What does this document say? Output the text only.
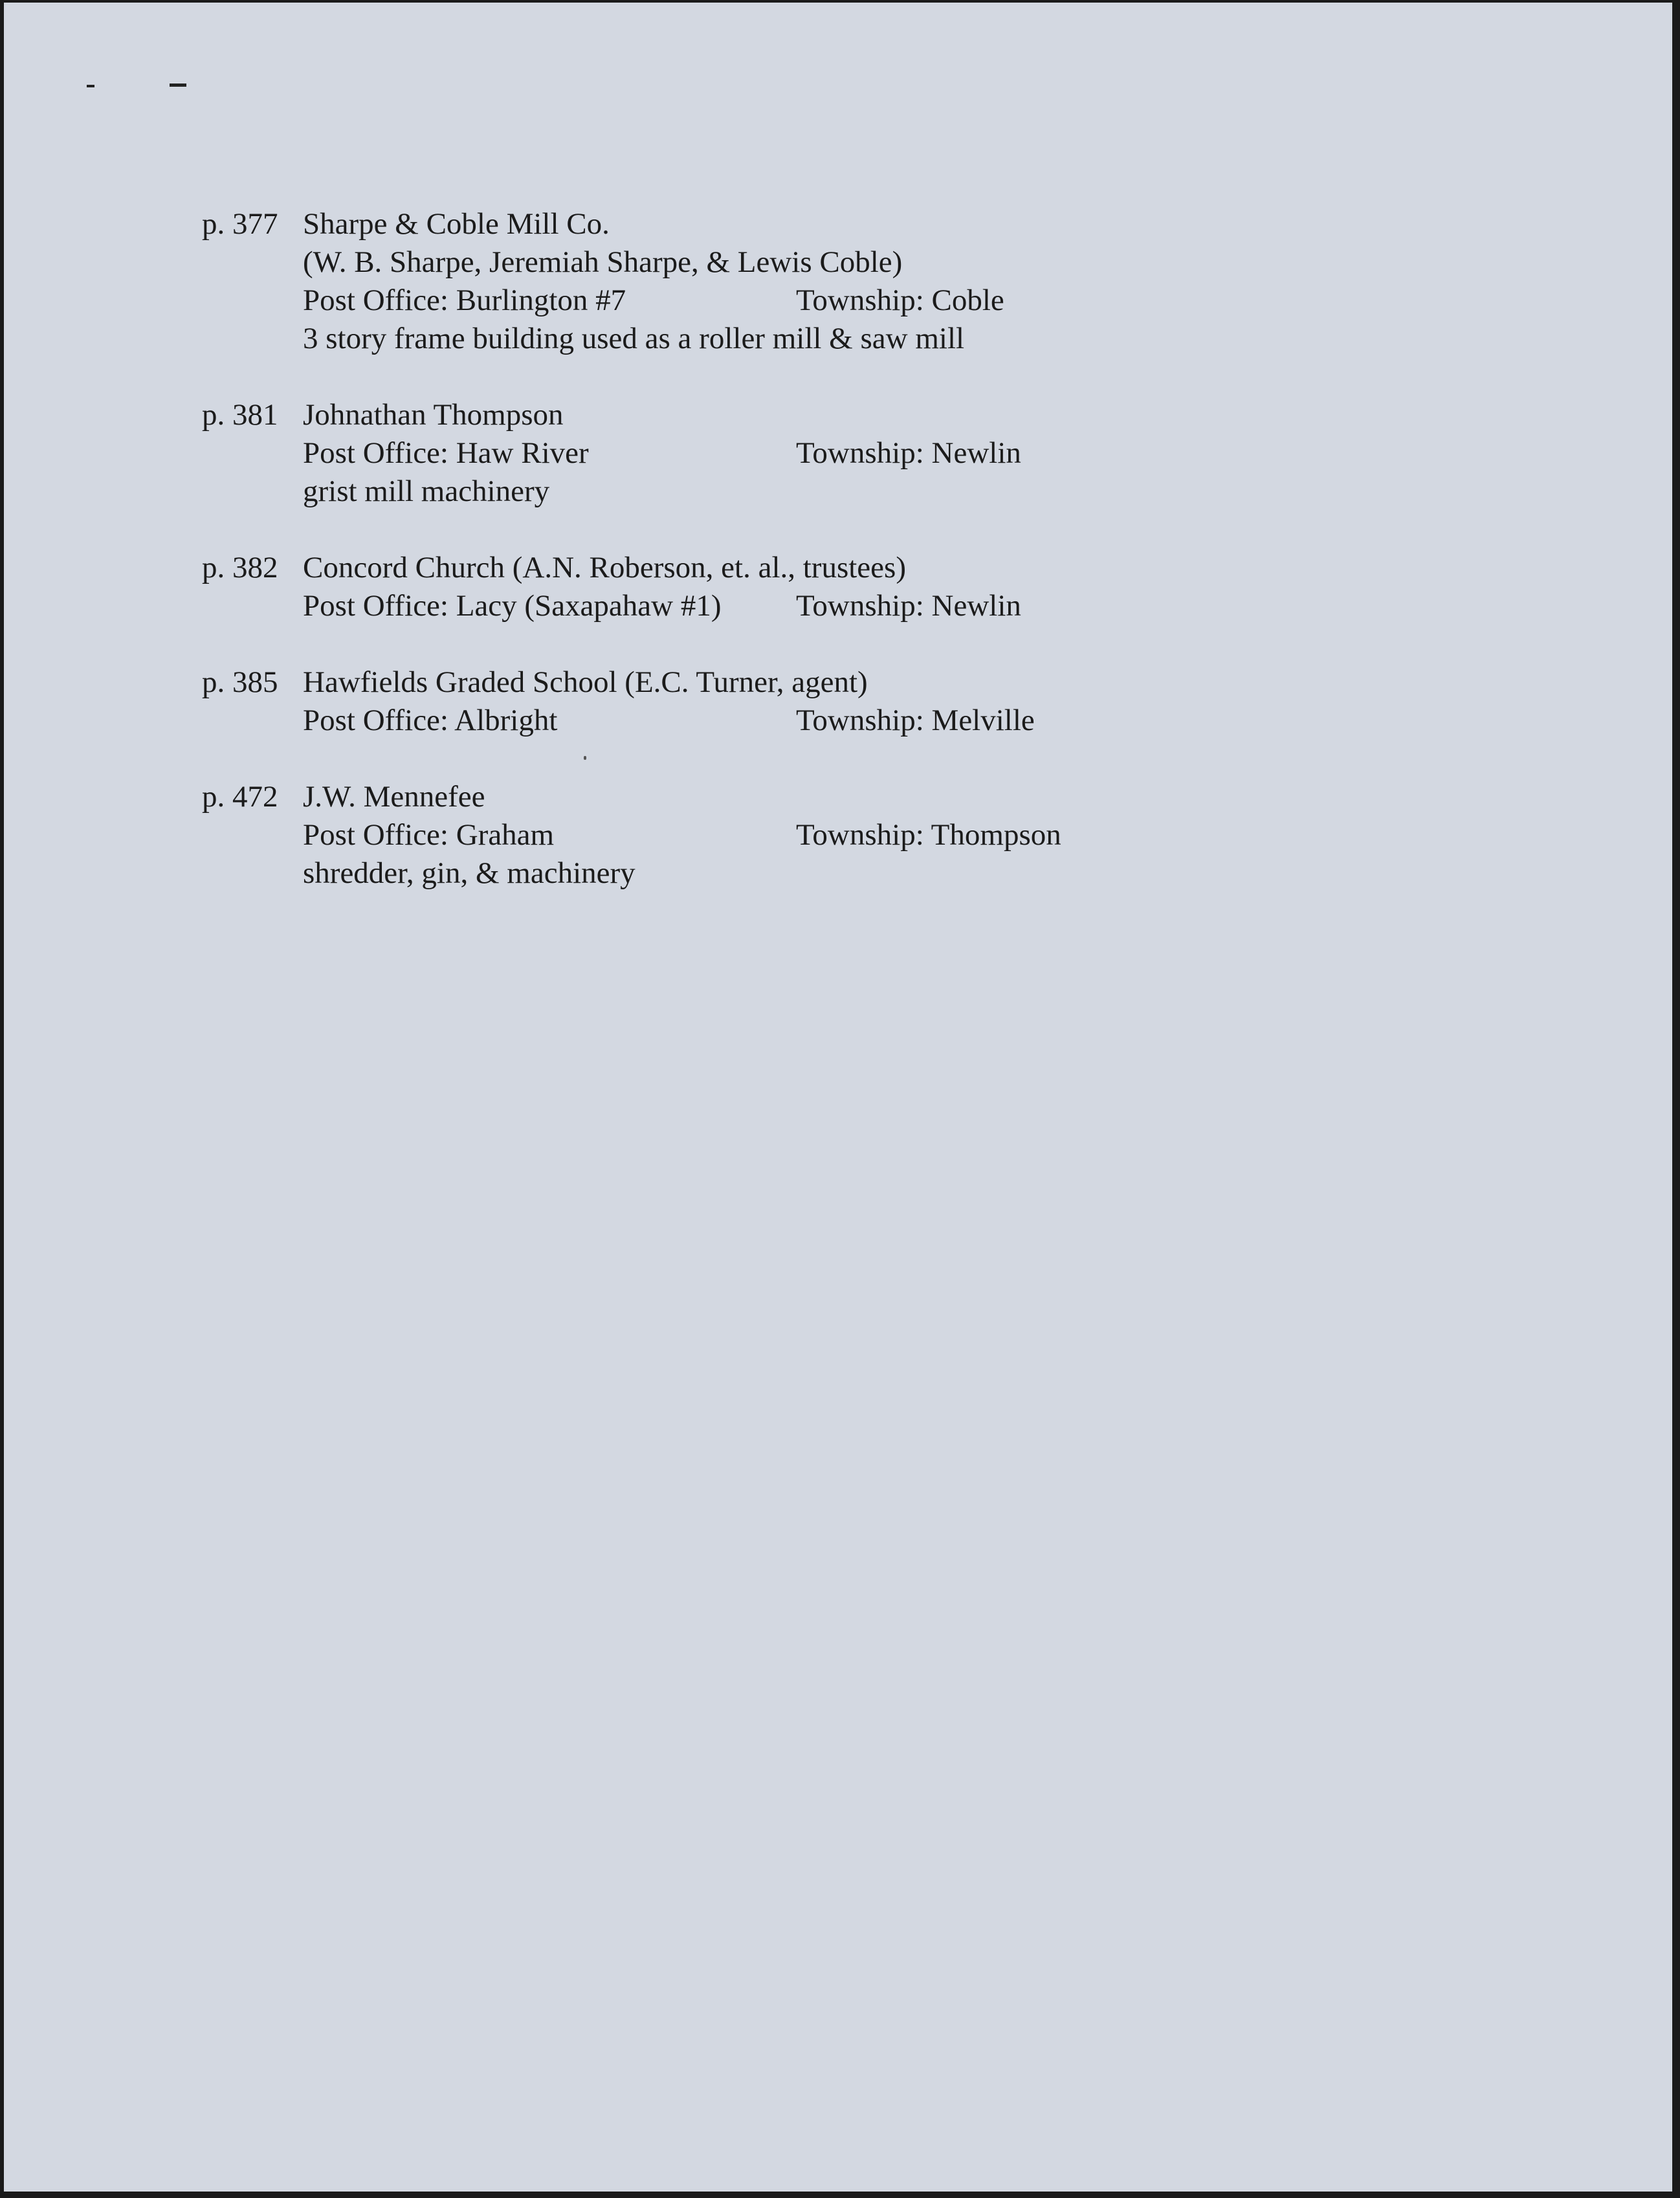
p. 377 Sharpe & Coble Mill Co.
(W. B. Sharpe, Jeremiah Sharpe, & Lewis Coble)
Post Office: Burlington #7	Township: Coble
3 story frame building used as a roller mill & saw mill
p. 381 Johnathan Thompson
Post Office: Haw River	Township: Newlin
grist mill machinery
p. 382 Concord Church (A.N. Roberson, et. al., trustees)
Post Office: Lacy (Saxapahaw #1) Township: Newlin
p. 385 Hawfields Graded School (E.C. Turner, agent)
Post Office: Albright	Township: Melville
p. 472 J.W. Mennefee
Post Office: Graham	Township: Thompson
shredder, gin, & machinery
